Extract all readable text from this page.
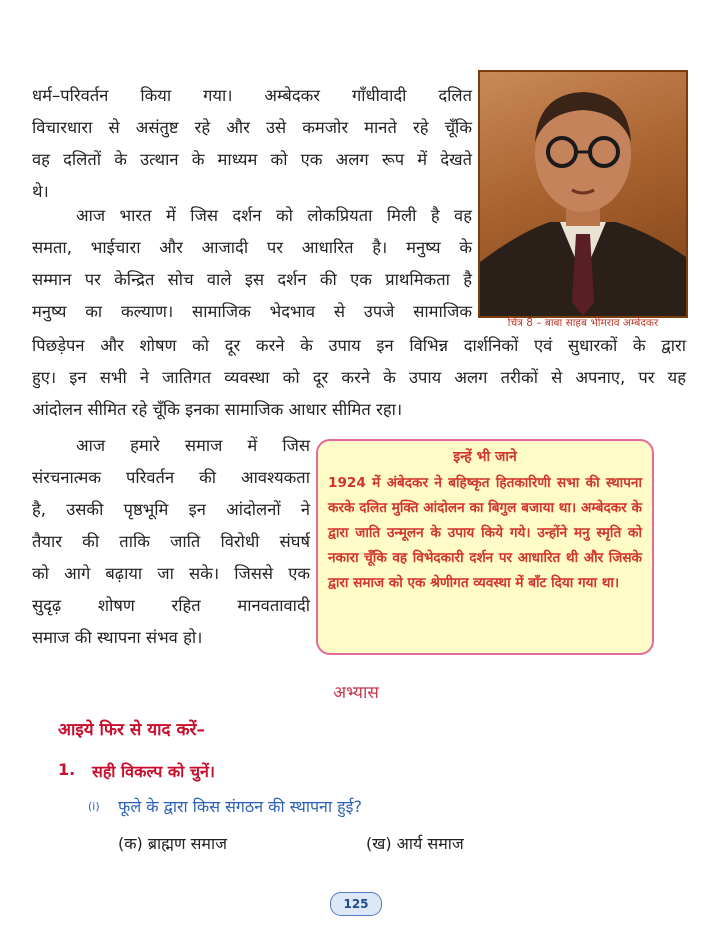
धर्म–परिवर्तन किया गया। अम्बेदकर गाँधीवादी दलित
विचारधारा से असंतुष्ट रहे और उसे कमजोर मानते रहे चूँकि
वह दलितों के उत्थान के माध्यम को एक अलग रूप में देखते
थे।
आज भारत में जिस दर्शन को लोकप्रियता मिली है वह
समता, भाईचारा और आजादी पर आधारित है। मनुष्य के
सम्मान पर केन्द्रित सोच वाले इस दर्शन की एक प्राथमिकता है
मनुष्य का कल्याण। सामाजिक भेदभाव से उपजे सामाजिक
पिछड़ेपन और शोषण को दूर करने के उपाय इन विभिन्न दार्शनिकों एवं सुधारकों के द्वारा
हुए। इन सभी ने जातिगत व्यवस्था को दूर करने के उपाय अलग तरीकों से अपनाए, पर यह
आंदोलन सीमित रहे चूँकि इनका सामाजिक आधार सीमित रहा।
चित्र 8 – बाबा साहब भीमराव अम्बेदकर
आज हमारे समाज में जिस
संरचनात्मक परिवर्तन की आवश्यकता
है, उसकी पृष्ठभूमि इन आंदोलनों ने
तैयार की ताकि जाति विरोधी संघर्ष
को आगे बढ़ाया जा सके। जिससे एक
सुदृढ़ शोषण रहित मानवतावादी
समाज की स्थापना संभव हो।
इन्हें भी जाने
1924 में अंबेदकर ने बहिष्कृत हितकारिणी सभा की स्थापना करके दलित मुक्ति आंदोलन का बिगुल बजाया था। अम्बेदकर के द्वारा जाति उन्मूलन के उपाय किये गये। उन्होंने मनु स्मृति को नकारा चूँकि वह विभेदकारी दर्शन पर आधारित थी और जिसके द्वारा समाज को एक श्रेणीगत व्यवस्था में बाँट दिया गया था।
अभ्यास
आइये फिर से याद करें–
1. सही विकल्प को चुनें।
(i) फूले के द्वारा किस संगठन की स्थापना हुई?
(क) ब्राह्मण समाज	(ख) आर्य समाज
125
